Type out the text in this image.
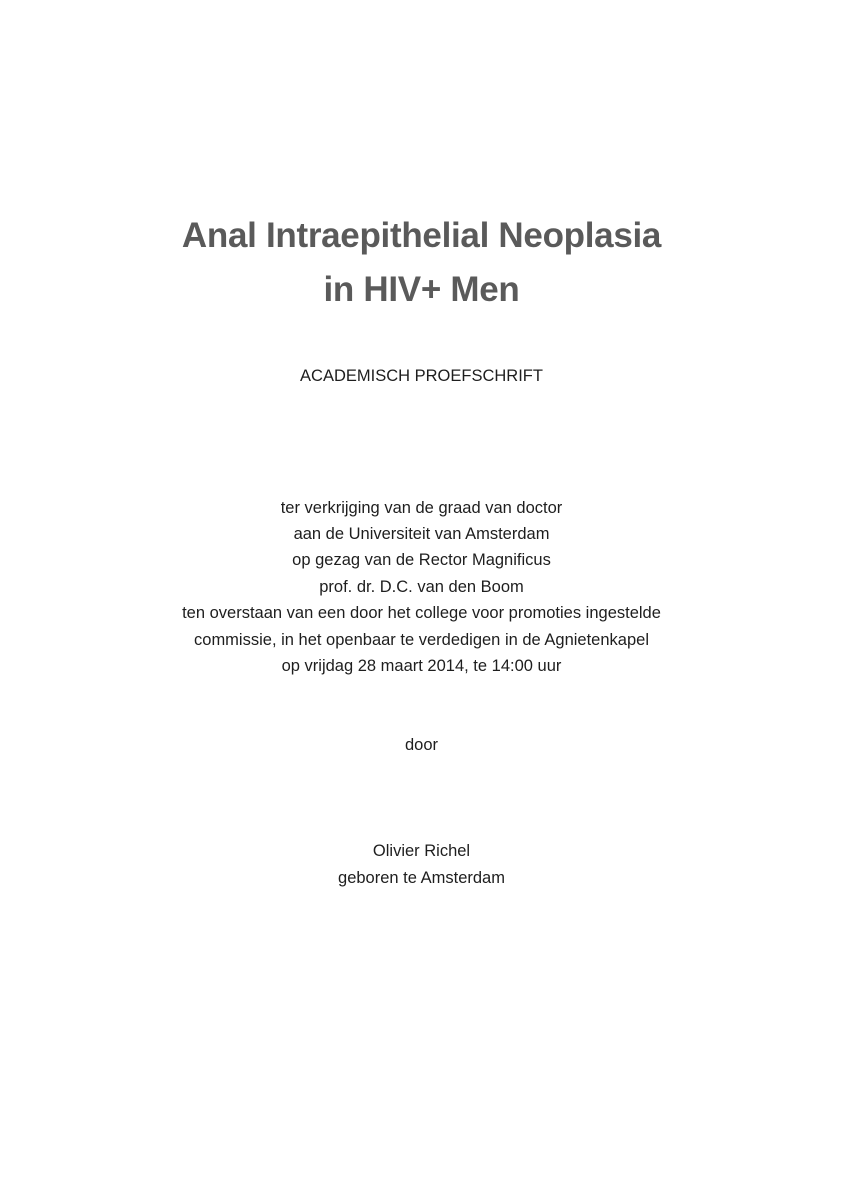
Anal Intraepithelial Neoplasia
in HIV+ Men

ACADEMISCH PROEFSCHRIFT

ter verkrijging van de graad van doctor

aan de Universiteit van Amsterdam

op gezag van de Rector Magnificus

prof. dr. D.C. van den Boom

ten overstaan van een door het college voor promoties ingestelde

commissie, in het openbaar te verdedigen in de Agnietenkapel

op vrijdag 28 maart 2014, te 14:00 uur

door

Olivier Richel

geboren te Amsterdam
